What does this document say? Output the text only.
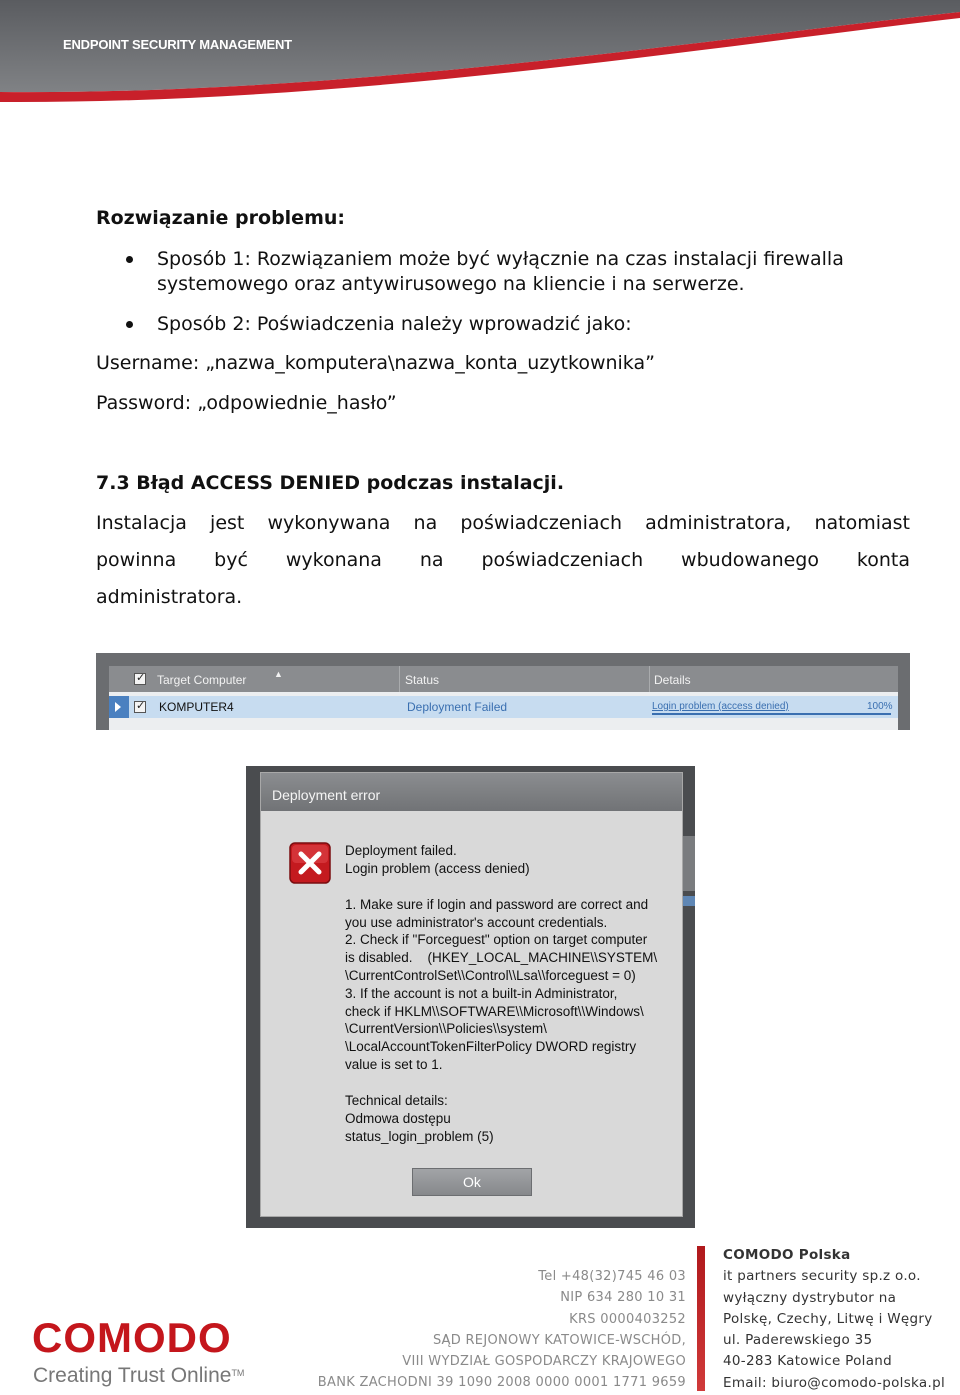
ENDPOINT SECURITY MANAGEMENT
Rozwiązanie problemu:
Sposób 1: Rozwiązaniem może być wyłącznie na czas instalacji firewalla
systemowego oraz antywirusowego na kliencie i na serwerze.
Sposób 2: Poświadczenia należy wprowadzić jako:
Username: „nazwa_komputera\nazwa_konta_uzytkownika”
Password: „odpowiednie_hasło”
7.3 Błąd ACCESS DENIED podczas instalacji.
Instalacja jest wykonywana na poświadczeniach administratora, natomiast
powinna być wykonana na poświadczeniach wbudowanego konta
administratora.
✓
Target Computer	▲	Status	Details
✓
KOMPUTER4	Deployment Failed	Login problem (access denied)	100%
Deployment error
Deployment failed.
Login problem (access denied)
1. Make sure if login and password are correct and
you use administrator's account credentials.
2. Check if "Forceguest" option on target computer
is disabled.    (HKEY_LOCAL_MACHINE\\SYSTEM\
\CurrentControlSet\\Control\\Lsa\\forceguest = 0)
3. If the account is not a built-in Administrator,
check if HKLM\\SOFTWARE\\Microsoft\\Windows\
\CurrentVersion\\Policies\\system\
\LocalAccountTokenFilterPolicy DWORD registry
value is set to 1.
Technical details:
Odmowa dostępu
status_login_problem (5)
Ok
COMODO
Creating Trust Online™
Tel +48(32)745 46 03
NIP 634 280 10 31
KRS 0000403252
SĄD REJONOWY KATOWICE-WSCHÓD,
VIII WYDZIAŁ GOSPODARCZY KRAJOWEGO
BANK ZACHODNI 39 1090 2008 0000 0001 1771 9659
COMODO Polska
it partners security sp.z o.o.
wyłączny dystrybutor na
Polskę, Czechy, Litwę i Węgry
ul. Paderewskiego 35
40-283 Katowice Poland
Email: biuro@comodo-polska.pl
